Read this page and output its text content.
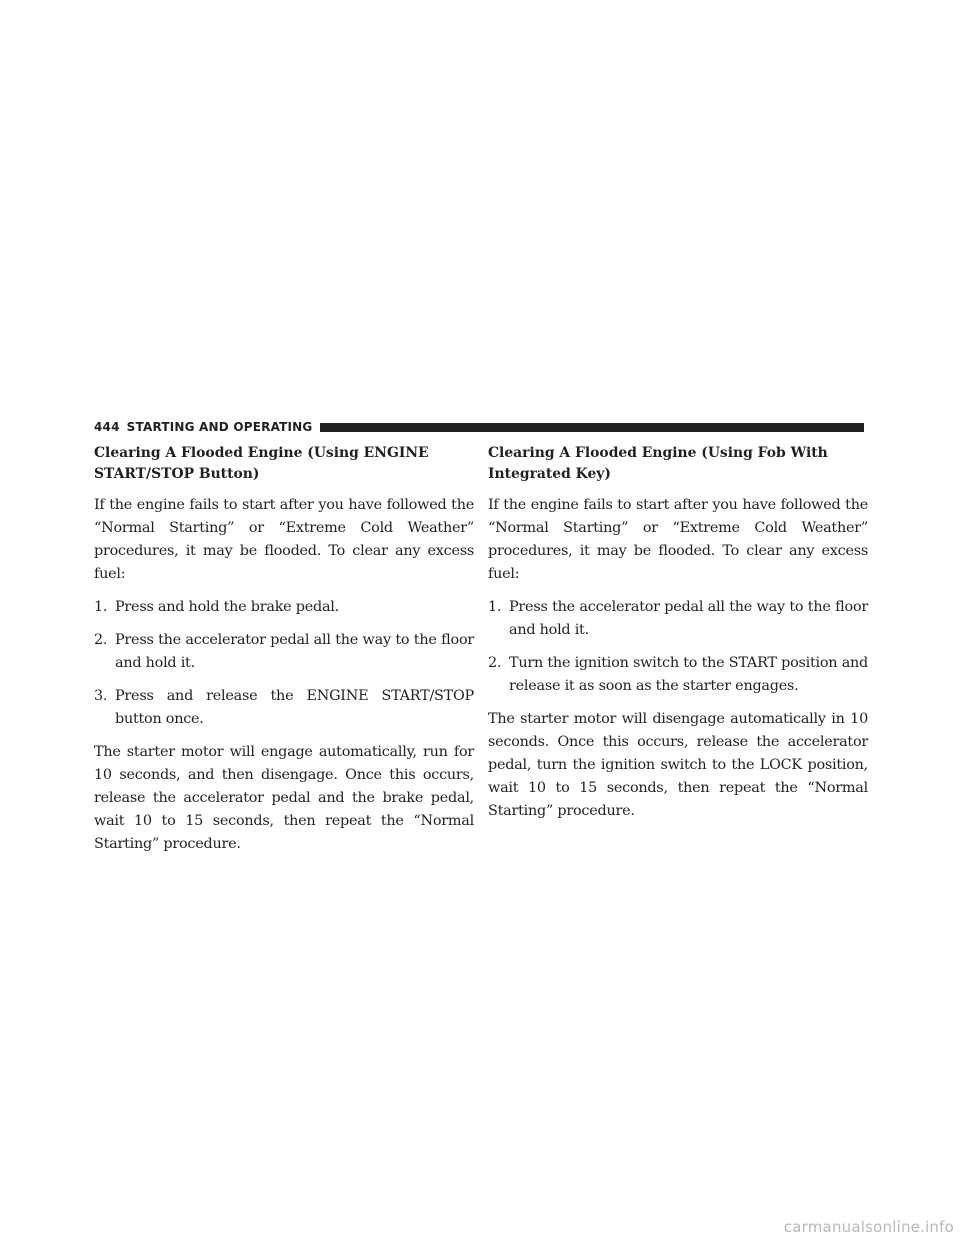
444 STARTING AND OPERATING
Clearing A Flooded Engine (Using ENGINE START/STOP Button)

If the engine fails to start after you have followed the “Normal Starting” or “Extreme Cold Weather” procedures, it may be flooded. To clear any excess fuel:

1. Press and hold the brake pedal.
2. Press the accelerator pedal all the way to the floor and hold it.
3. Press and release the ENGINE START/STOP button once.

The starter motor will engage automatically, run for 10 seconds, and then disengage. Once this occurs, release the accelerator pedal and the brake pedal, wait 10 to 15 seconds, then repeat the “Normal Starting” procedure.

Clearing A Flooded Engine (Using Fob With Integrated Key)

If the engine fails to start after you have followed the “Normal Starting” or “Extreme Cold Weather” procedures, it may be flooded. To clear any excess fuel:

1. Press the accelerator pedal all the way to the floor and hold it.
2. Turn the ignition switch to the START position and release it as soon as the starter engages.

The starter motor will disengage automatically in 10 seconds. Once this occurs, release the accelerator pedal, turn the ignition switch to the LOCK position, wait 10 to 15 seconds, then repeat the “Normal Starting” procedure.

carmanualsonline.info
